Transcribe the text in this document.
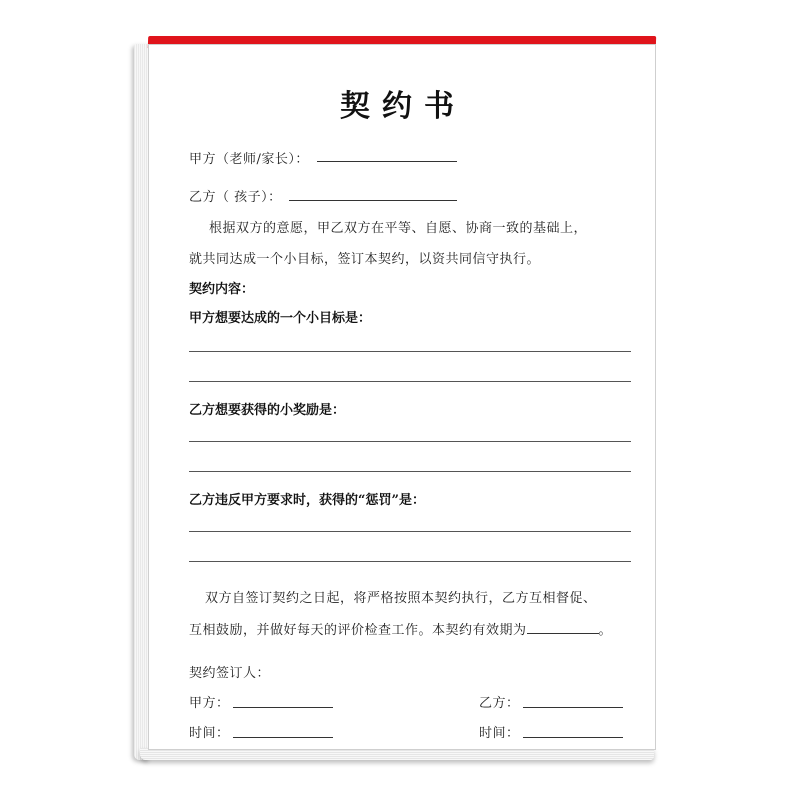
契约书
甲方（老师/家长）：
乙方（ 孩子）：
根据双方的意愿，甲乙双方在平等、自愿、协商一致的基础上，
就共同达成一个小目标，签订本契约，以资共同信守执行。
契约内容：
甲方想要达成的一个小目标是：
乙方想要获得的小奖励是：
乙方违反甲方要求时，获得的“惩罚”是：
双方自签订契约之日起，将严格按照本契约执行，乙方互相督促、
互相鼓励，并做好每天的评价检查工作。本契约有效期为	。
契约签订人：
甲方：	乙方：
时间：	时间：
